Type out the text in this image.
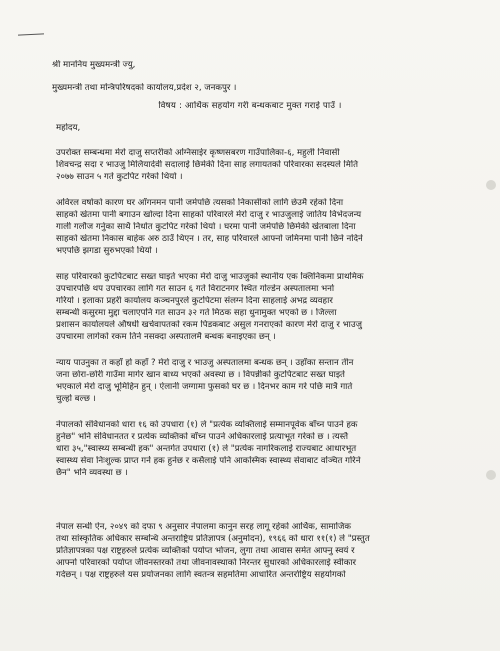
श्री माननिय मुख्यमन्त्री ज्यु,
मुख्यमन्त्री तथा मन्त्रिपरिषदको कार्यालय,प्रदेश २, जनकपुर ।
विषय : आर्थिक सहयोग गरी बन्धकबाट मुक्त गराई पाउँ ।
महोदय,
उपरोक्त सम्बन्धमा मेरो दाजु सप्तरीको अग्निसाईर कृष्णसबरण गाउँपालिका-६, महुली निवासी
शिवचन्द्र सदा र भाउजु मिलियादेवी सदालाई छिमेकी दिना साह लगायतको परिवारका सदस्यले मिति
२०७७ साउन ५ गते कुटपिट गरेको थियो ।
अविरल वर्षाको कारण घर आँगनमन पानी जमेपछि त्यसको निकासीको लागि छेउमै रहेको दिना
साहको खेतमा पानी बगाउन खोल्दा दिना साहको परिवारले मेरो दाजु र भाउजुलाई जातिय विभेदजन्य
गाली गलौज गर्नुका साथै निर्धात कुटपिट गरेको थियो । घरमा पानी जमेपछि छिमेकी खेतबाला दिना
साहको खेतमा निकास बाहेक अरु ठाउँ थिएन । तर, साह परिवारले आफ्नो जमिनमा पानी छिर्न नदिने
भएपछि झगडा सुरुभएको थियो ।
साह परिवारको कुटपिटबाट सख्त घाइते भएका मेरो दाजु भाउजुको स्थानीय एक क्लिनिकमा प्राथमिक
उपचारपछि थप उपचारका लागि गत साउन ६ गते विराटनगर स्थित गोल्डेन अस्पतालमा भर्ना
गरियो । इलाका प्रहरी कार्यालय कञ्चनपुरले कुटपिटमा संलग्न दिना साहलाई अभद्र व्यवहार
सम्बन्धी कसुरमा मुद्दा चलाएपनि गत साउन ३२ गते मिठक सहा धुनामुक्त भएको छ । जिल्ला
प्रशासन कार्यालयले औषधी खर्चवापतको रकम पिडकबाट असुल गनराएको कारण मेरो दाजु र भाउजु
उपचारमा लागेको रकम तिर्न नसक्दा अस्पतालमै बन्धक बनाइएका छन् ।
न्याय पाउनुका त कहाँ हो कहाँ ? मेरो दाजु र भाउजु अस्पतालमा बन्धक छन् । उहाँका सन्तान तीन
जना छोरा-छोरी गाउँमा मागेर खान बाध्य भएको अवस्था छ । विपन्नीको कुटपिटबाट सख्त घाइते
भएकाले मेरो दाजु भूमिहिन हुन् । ऐलानी जग्गामा फुसको घर छ । दिनभर काम गरे पछि मात्रै गाते
चुल्हो बल्छ ।
नेपालको संविधानको धारा १६ को उपधारा (१) ले "प्रत्येक व्यक्तिलाई सम्मानपूर्वक बाँच्न पाउने हक
हुनेछ" भनि संविधानतत र प्रत्येक व्यक्तिको बाँच्न पाउने अधिकारलाई प्रत्याभूत गरेको छ । त्यस्तै
धारा ३५,"स्वास्थ्य सम्बन्धी हक" अन्तर्गत उपधारा (१) ले "प्रत्येक नागरिकलाई राज्यबाट आधारभूत
स्वास्थ्य सेवा निःशुल्क प्राप्त गर्ने हक हुनेछ र कसैलाई पनि आकस्मिक स्वास्थ्य सेवाबाट वञ्चित गरिने
छैन" भनि व्यवस्था छ ।
नेपाल सन्धी ऐन, २०४९ को दफा ९ अनुसार नेपालमा कानुन सरह लागू रहेको आर्थिक, सामाजिक
तथा सांस्कृतिक अधिकार सम्बन्धि अन्तराष्ट्रिय प्रतिज्ञापत्र (अनुमोदन), १९६६ को धारा ११(१) ले "प्रस्तुत
प्रतिज्ञापत्रका पक्ष राष्ट्रहरुले प्रत्येक व्यक्तिको पर्याप्त भोजन, लुगा तथा आवास समेत आफ्नु स्वयं र
आफ्नो परिवारको पर्याप्त जीवनस्तरको तथा जीवनावस्थाको निरन्तर सुधारको अधिकारलाई स्वीकार
गर्दछन् । पक्ष राष्ट्रहरुले यस प्रयोजनका लागि स्वतन्त्र सहमतिमा आधारित अन्तर्राष्ट्रिय सहयोगको
